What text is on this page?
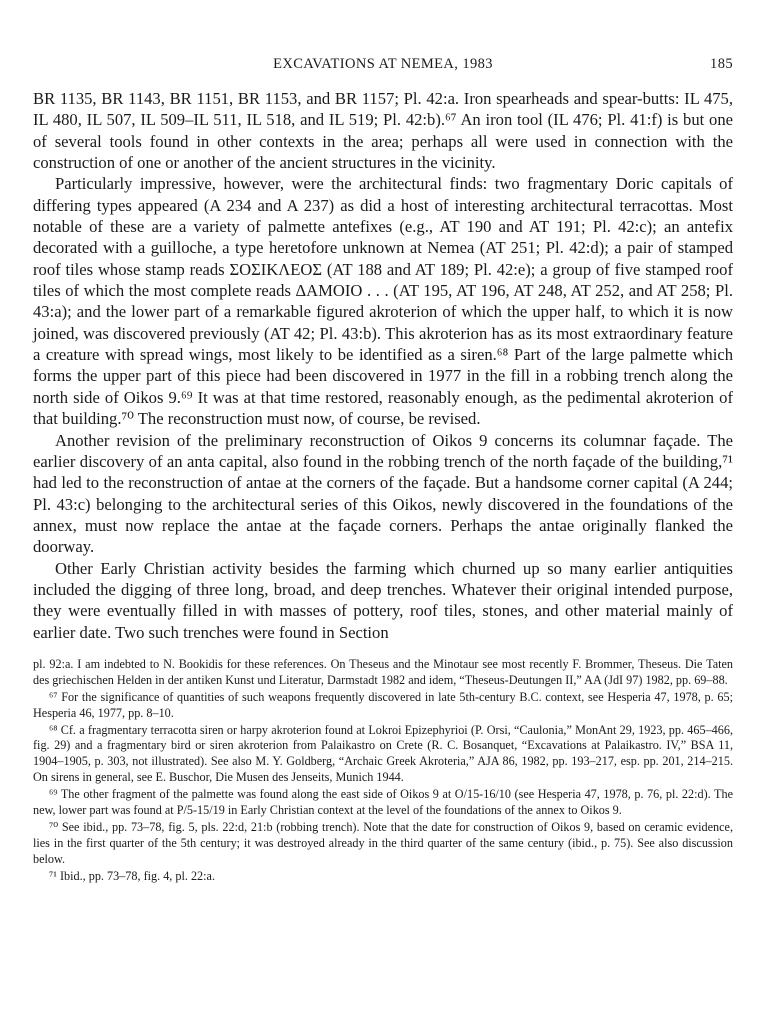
EXCAVATIONS AT NEMEA, 1983	185

BR 1135, BR 1143, BR 1151, BR 1153, and BR 1157; Pl. 42:a. Iron spearheads and spear-butts: IL 475, IL 480, IL 507, IL 509–IL 511, IL 518, and IL 519; Pl. 42:b).⁶⁷ An iron tool (IL 476; Pl. 41:f) is but one of several tools found in other contexts in the area; perhaps all were used in connection with the construction of one or another of the ancient structures in the vicinity.

Particularly impressive, however, were the architectural finds: two fragmentary Doric capitals of differing types appeared (A 234 and A 237) as did a host of interesting architectural terracottas. Most notable of these are a variety of palmette antefixes (e.g., AT 190 and AT 191; Pl. 42:c); an antefix decorated with a guilloche, a type heretofore unknown at Nemea (AT 251; Pl. 42:d); a pair of stamped roof tiles whose stamp reads ΣΟΣΙΚΛΕΟΣ (AT 188 and AT 189; Pl. 42:e); a group of five stamped roof tiles of which the most complete reads ΔΑΜΟΙΟ . . . (AT 195, AT 196, AT 248, AT 252, and AT 258; Pl. 43:a); and the lower part of a remarkable figured akroterion of which the upper half, to which it is now joined, was discovered previously (AT 42; Pl. 43:b). This akroterion has as its most extraordinary feature a creature with spread wings, most likely to be identified as a siren.⁶⁸ Part of the large palmette which forms the upper part of this piece had been discovered in 1977 in the fill in a robbing trench along the north side of Oikos 9.⁶⁹ It was at that time restored, reasonably enough, as the pedimental akroterion of that building.⁷⁰ The reconstruction must now, of course, be revised.

Another revision of the preliminary reconstruction of Oikos 9 concerns its columnar façade. The earlier discovery of an anta capital, also found in the robbing trench of the north façade of the building,⁷¹ had led to the reconstruction of antae at the corners of the façade. But a handsome corner capital (A 244; Pl. 43:c) belonging to the architectural series of this Oikos, newly discovered in the foundations of the annex, must now replace the antae at the façade corners. Perhaps the antae originally flanked the doorway.

Other Early Christian activity besides the farming which churned up so many earlier antiquities included the digging of three long, broad, and deep trenches. Whatever their original intended purpose, they were eventually filled in with masses of pottery, roof tiles, stones, and other material mainly of earlier date. Two such trenches were found in Section

pl. 92:a. I am indebted to N. Bookidis for these references. On Theseus and the Minotaur see most recently F. Brommer, Theseus. Die Taten des griechischen Helden in der antiken Kunst und Literatur, Darmstadt 1982 and idem, “Theseus-Deutungen II,” AA (JdI 97) 1982, pp. 69–88.

⁶⁷ For the significance of quantities of such weapons frequently discovered in late 5th-century B.C. context, see Hesperia 47, 1978, p. 65; Hesperia 46, 1977, pp. 8–10.

⁶⁸ Cf. a fragmentary terracotta siren or harpy akroterion found at Lokroi Epizephyrioi (P. Orsi, “Caulonia,” MonAnt 29, 1923, pp. 465–466, fig. 29) and a fragmentary bird or siren akroterion from Palaikastro on Crete (R. C. Bosanquet, “Excavations at Palaikastro. IV,” BSA 11, 1904–1905, p. 303, not illustrated). See also M. Y. Goldberg, “Archaic Greek Akroteria,” AJA 86, 1982, pp. 193–217, esp. pp. 201, 214–215. On sirens in general, see E. Buschor, Die Musen des Jenseits, Munich 1944.

⁶⁹ The other fragment of the palmette was found along the east side of Oikos 9 at O/15-16/10 (see Hesperia 47, 1978, p. 76, pl. 22:d). The new, lower part was found at P/5-15/19 in Early Christian context at the level of the foundations of the annex to Oikos 9.

⁷⁰ See ibid., pp. 73–78, fig. 5, pls. 22:d, 21:b (robbing trench). Note that the date for construction of Oikos 9, based on ceramic evidence, lies in the first quarter of the 5th century; it was destroyed already in the third quarter of the same century (ibid., p. 75). See also discussion below.

⁷¹ Ibid., pp. 73–78, fig. 4, pl. 22:a.
